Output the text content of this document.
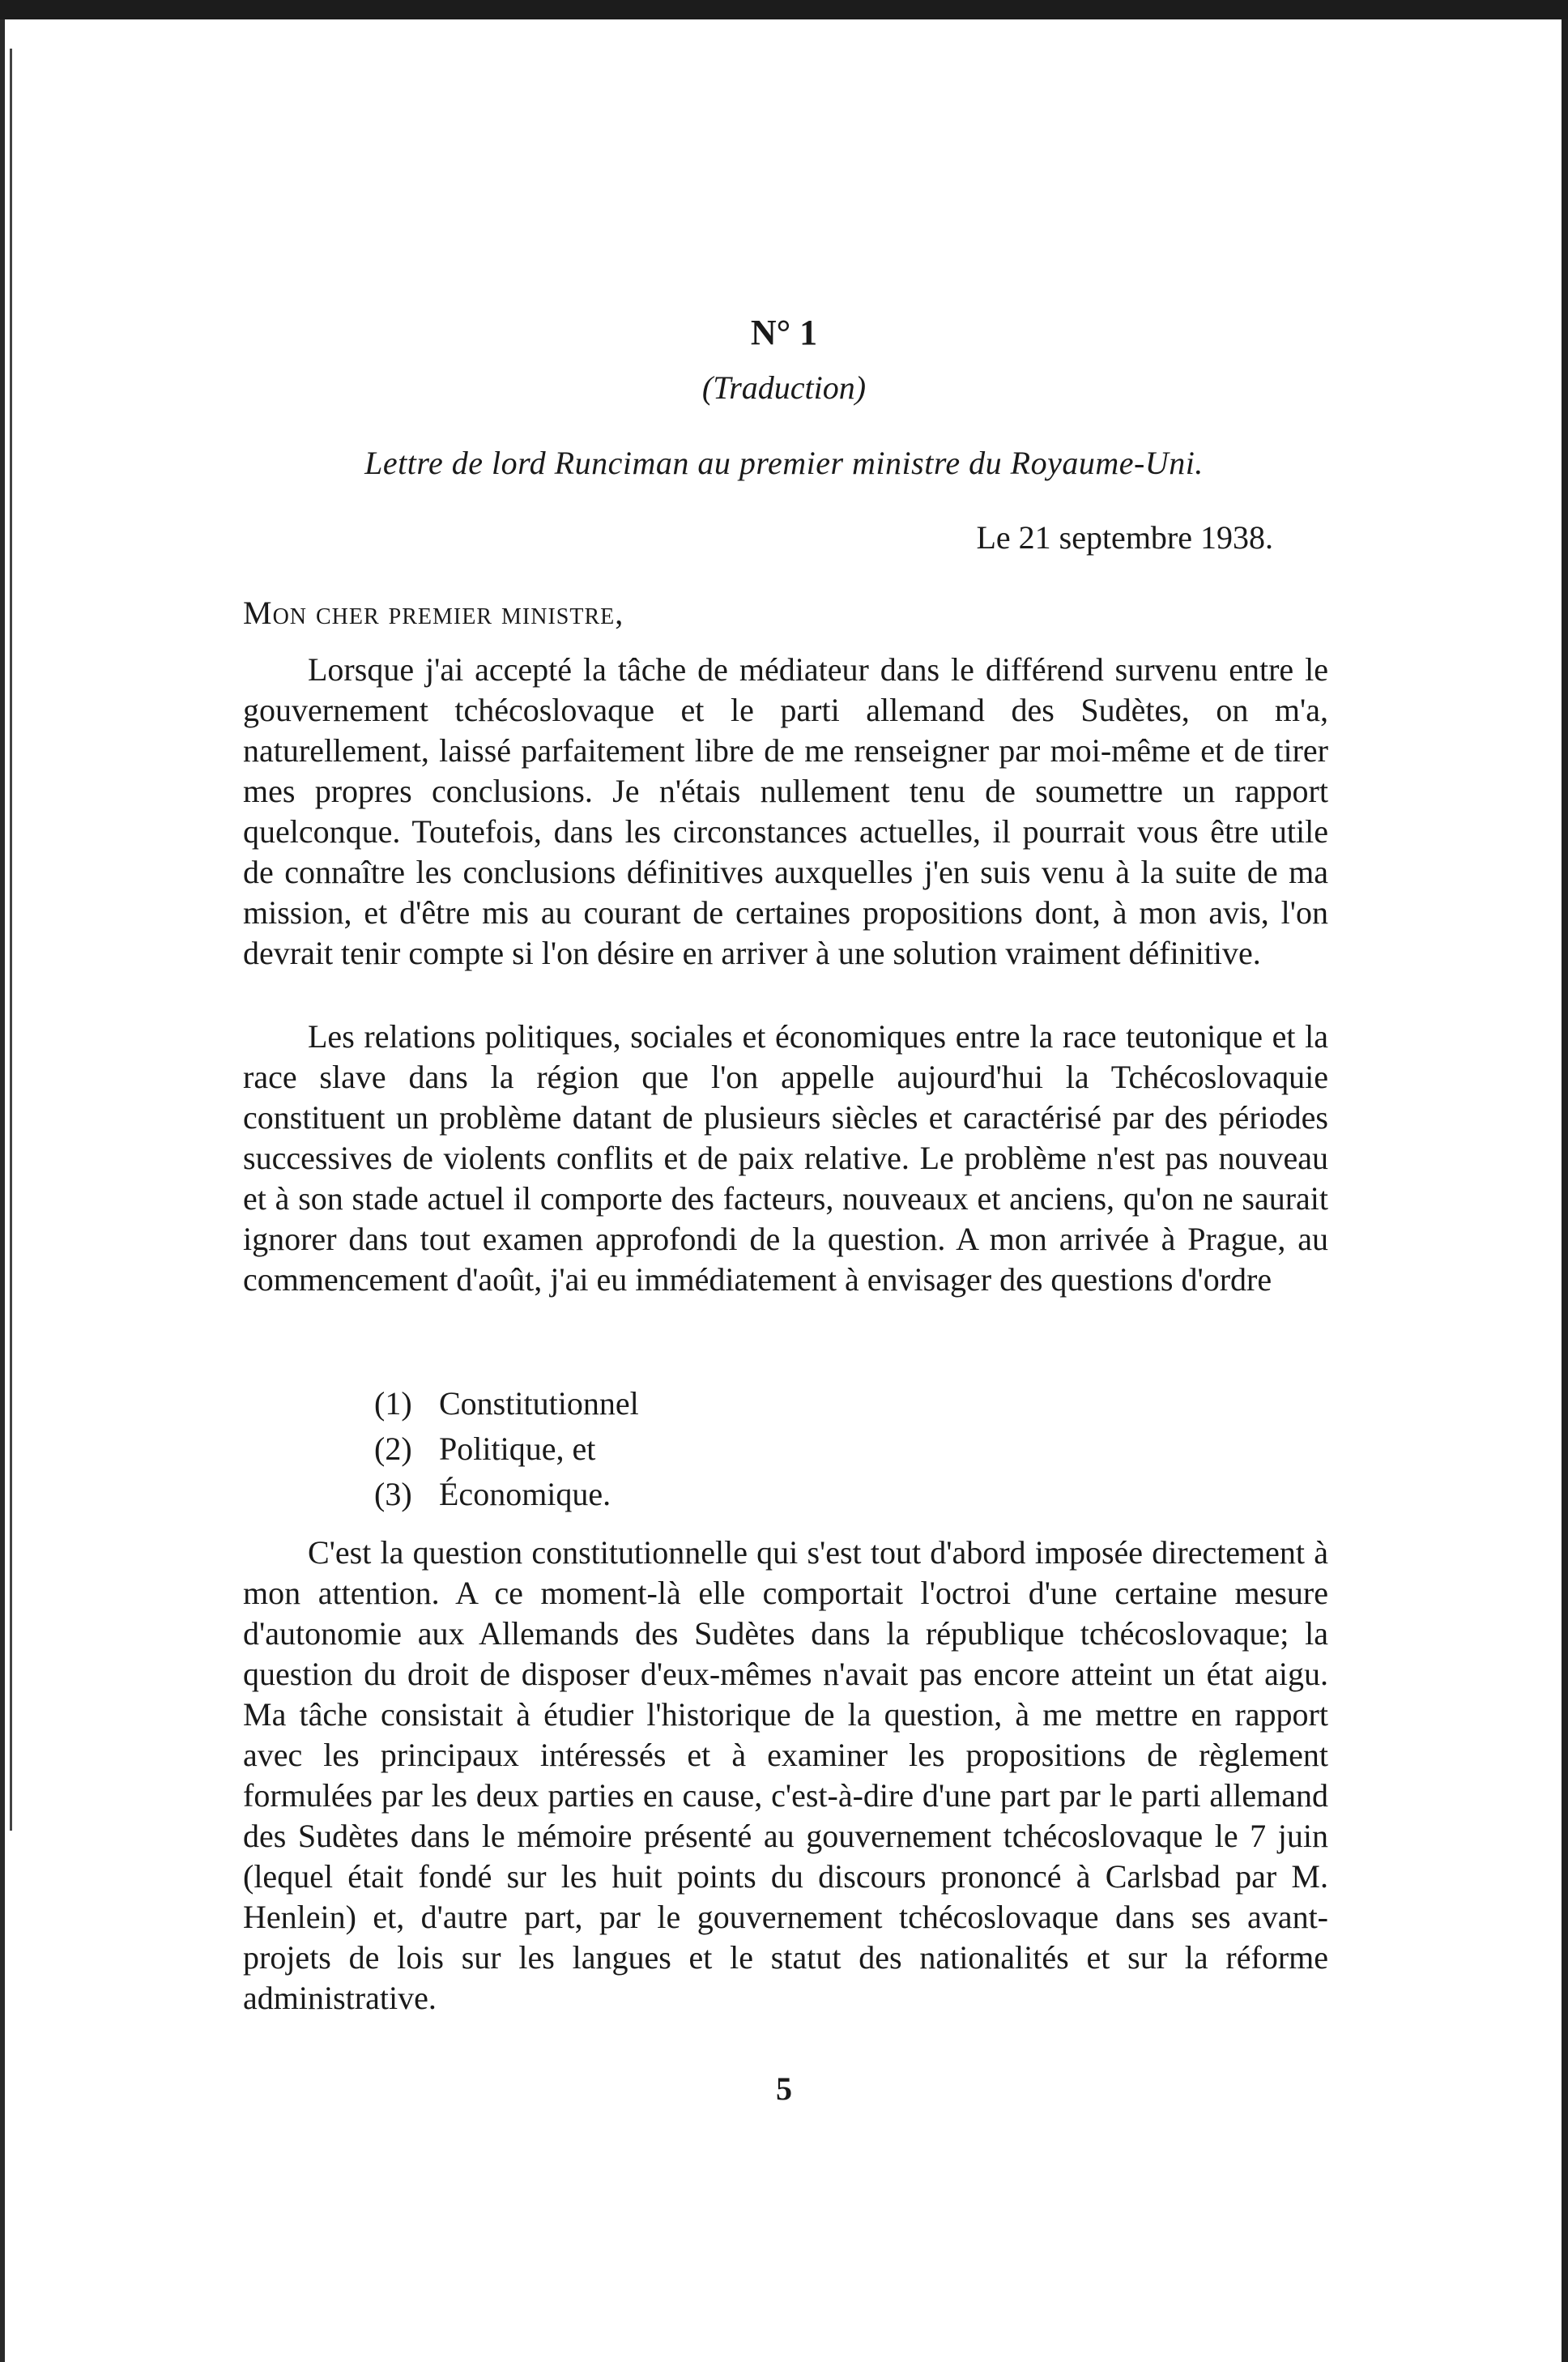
N° 1
(Traduction)
Lettre de lord Runciman au premier ministre du Royaume-Uni.
Le 21 septembre 1938.
Mon cher premier ministre,

Lorsque j'ai accepté la tâche de médiateur dans le différend survenu entre le gouvernement tchécoslovaque et le parti allemand des Sudètes, on m'a, naturellement, laissé parfaitement libre de me renseigner par moi-même et de tirer mes propres conclusions. Je n'étais nullement tenu de soumettre un rapport quelconque. Toutefois, dans les circonstances actuelles, il pourrait vous être utile de connaître les conclusions définitives auxquelles j'en suis venu à la suite de ma mission, et d'être mis au courant de certaines propositions dont, à mon avis, l'on devrait tenir compte si l'on désire en arriver à une solution vraiment définitive.

Les relations politiques, sociales et économiques entre la race teutonique et la race slave dans la région que l'on appelle aujourd'hui la Tchécoslovaquie constituent un problème datant de plusieurs siècles et caractérisé par des périodes successives de violents conflits et de paix relative. Le problème n'est pas nouveau et à son stade actuel il comporte des facteurs, nouveaux et anciens, qu'on ne saurait ignorer dans tout examen approfondi de la question. A mon arrivée à Prague, au commencement d'août, j'ai eu immédiatement à envisager des questions d'ordre

(1) Constitutionnel
(2) Politique, et
(3) Économique.

C'est la question constitutionnelle qui s'est tout d'abord imposée directement à mon attention. A ce moment-là elle comportait l'octroi d'une certaine mesure d'autonomie aux Allemands des Sudètes dans la république tchécoslovaque; la question du droit de disposer d'eux-mêmes n'avait pas encore atteint un état aigu. Ma tâche consistait à étudier l'historique de la question, à me mettre en rapport avec les principaux intéressés et à examiner les propositions de règlement formulées par les deux parties en cause, c'est-à-dire d'une part par le parti allemand des Sudètes dans le mémoire présenté au gouvernement tchécoslovaque le 7 juin (lequel était fondé sur les huit points du discours prononcé à Carlsbad par M. Henlein) et, d'autre part, par le gouvernement tchécoslovaque dans ses avant-projets de lois sur les langues et le statut des nationalités et sur la réforme administrative.

5
